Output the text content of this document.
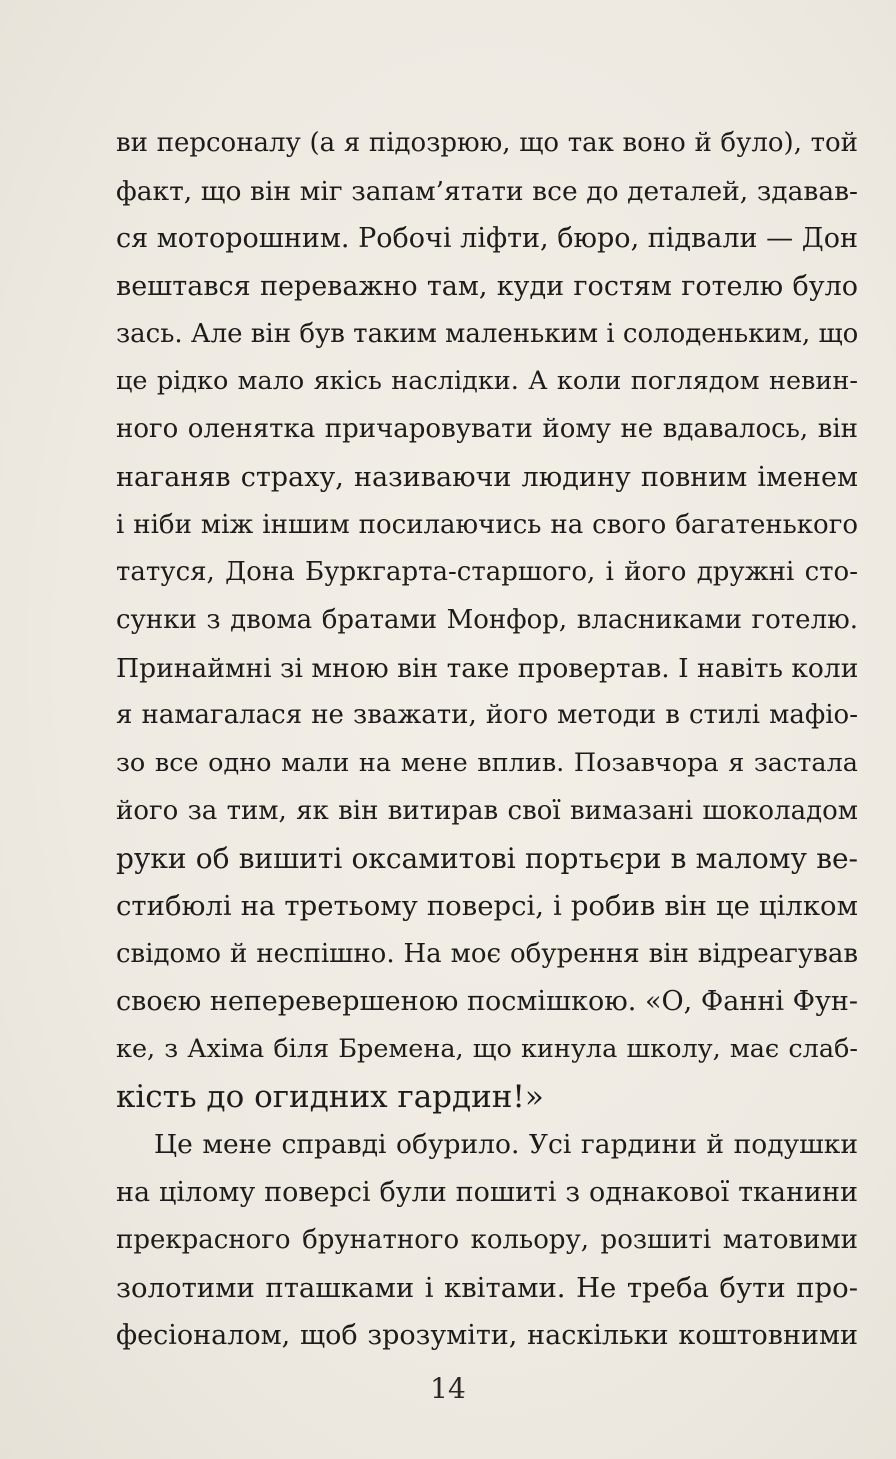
ви персоналу (а я підозрюю, що так воно й було), той
факт, що він міг запам’ятати все до деталей, здавав-
ся моторошним. Робочі ліфти, бюро, підвали — Дон
вештався переважно там, куди гостям готелю було
зась. Але він був таким маленьким і солоденьким, що
це рідко мало якісь наслідки. А коли поглядом невин-
ного оленятка причаровувати йому не вдавалось, він
наганяв страху, називаючи людину повним іменем
і ніби між іншим посилаючись на свого багатенького
татуся, Дона Буркгарта-старшого, і його дружні сто-
сунки з двома братами Монфор, власниками готелю.
Принаймні зі мною він таке провертав. І навіть коли
я намагалася не зважати, його методи в стилі мафіо-
зо все одно мали на мене вплив. Позавчора я застала
його за тим, як він витирав свої вимазані шоколадом
руки об вишиті оксамитові портьєри в малому ве-
стибюлі на третьому поверсі, і робив він це цілком
свідомо й неспішно. На моє обурення він відреагував
своєю неперевершеною посмішкою. «О, Фанні Фун-
ке, з Ахіма біля Бремена, що кинула школу, має слаб-
кість до огидних гардин!»
Це мене справді обурило. Усі гардини й подушки
на цілому поверсі були пошиті з однакової тканини
прекрасного брунатного кольору, розшиті матовими
золотими пташками і квітами. Не треба бути про-
фесіоналом, щоб зрозуміти, наскільки коштовними
14
